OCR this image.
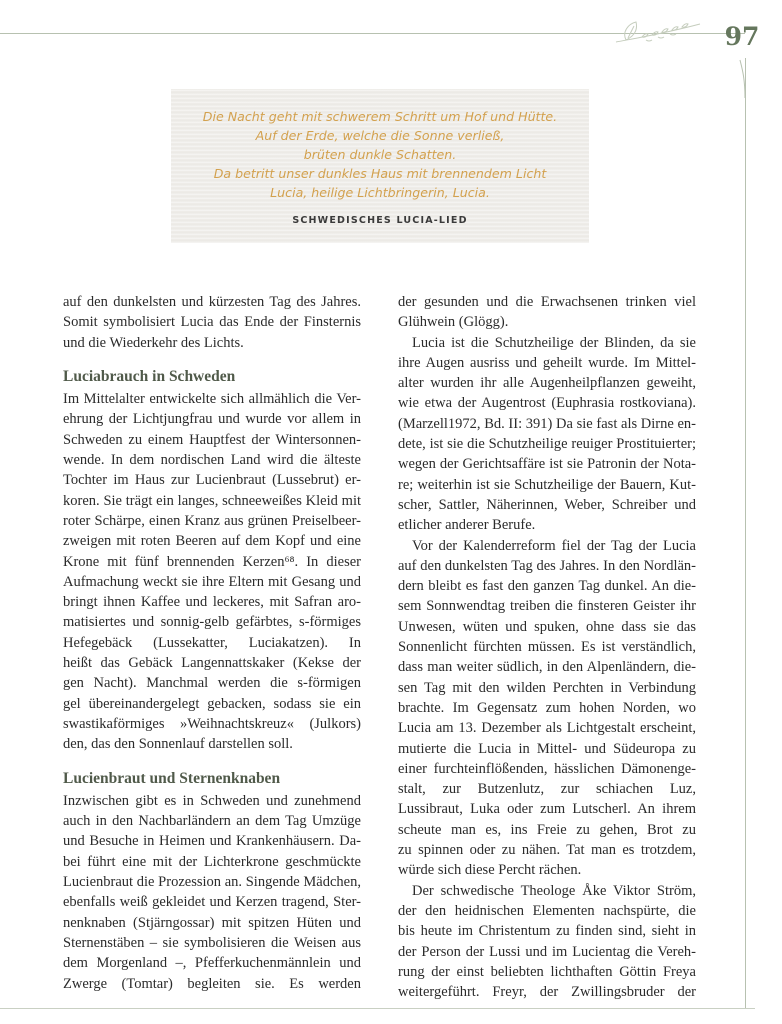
97
Die Nacht geht mit schwerem Schritt um Hof und Hütte.
Auf der Erde, welche die Sonne verließ,
brüten dunkle Schatten.
Da betritt unser dunkles Haus mit brennendem Licht
Lucia, heilige Lichtbringerin, Lucia.
SCHWEDISCHES LUCIA-LIED
auf den dunkelsten und kürzesten Tag des Jahres.
Somit symbolisiert Lucia das Ende der Finsternis
und die Wiederkehr des Lichts.
Luciabrauch in Schweden
Im Mittelalter entwickelte sich allmählich die Ver-
ehrung der Lichtjungfrau und wurde vor allem in
Schweden zu einem Hauptfest der Wintersonnen-
wende. In dem nordischen Land wird die älteste
Tochter im Haus zur Lucienbraut (Lussebrut) er-
koren. Sie trägt ein langes, schneeweißes Kleid mit
roter Schärpe, einen Kranz aus grünen Preiselbeer-
zweigen mit roten Beeren auf dem Kopf und eine
Krone mit fünf brennenden Kerzen⁶⁸. In dieser
Aufmachung weckt sie ihre Eltern mit Gesang und
bringt ihnen Kaffee und leckeres, mit Safran aro-
matisiertes und sonnig-gelb gefärbtes, s-förmiges
Hefegebäck (Lussekatter, Luciakatzen). In
heißt das Gebäck Langennattskaker (Kekse der
gen Nacht). Manchmal werden die s-förmigen
gel übereinandergelegt gebacken, sodass sie ein
swastikaförmiges »Weihnachtskreuz« (Julkors)
den, das den Sonnenlauf darstellen soll.
Lucienbraut und Sternenknaben
Inzwischen gibt es in Schweden und zunehmend
auch in den Nachbarländern an dem Tag Umzüge
und Besuche in Heimen und Krankenhäusern. Da-
bei führt eine mit der Lichterkrone geschmückte
Lucienbraut die Prozession an. Singende Mädchen,
ebenfalls weiß gekleidet und Kerzen tragend, Ster-
nenknaben (Stjärngossar) mit spitzen Hüten und
Sternenstäben – sie symbolisieren die Weisen aus
dem Morgenland –, Pfefferkuchenmännlein und
Zwerge (Tomtar) begleiten sie. Es werden
der gesunden und die Erwachsenen trinken viel
Glühwein (Glögg).
Lucia ist die Schutzheilige der Blinden, da sie
ihre Augen ausriss und geheilt wurde. Im Mittel-
alter wurden ihr alle Augenheilpflanzen geweiht,
wie etwa der Augentrost (Euphrasia rostkoviana).
(Marzell1972, Bd. II: 391) Da sie fast als Dirne en-
dete, ist sie die Schutzheilige reuiger Prostituierter;
wegen der Gerichtsaffäre ist sie Patronin der Nota-
re; weiterhin ist sie Schutzheilige der Bauern, Kut-
scher, Sattler, Näherinnen, Weber, Schreiber und
etlicher anderer Berufe.
Vor der Kalenderreform fiel der Tag der Lucia
auf den dunkelsten Tag des Jahres. In den Nordlän-
dern bleibt es fast den ganzen Tag dunkel. An die-
sem Sonnwendtag treiben die finsteren Geister ihr
Unwesen, wüten und spuken, ohne dass sie das
Sonnenlicht fürchten müssen. Es ist verständlich,
dass man weiter südlich, in den Alpenländern, die-
sen Tag mit den wilden Perchten in Verbindung
brachte. Im Gegensatz zum hohen Norden, wo
Lucia am 13. Dezember als Lichtgestalt erscheint,
mutierte die Lucia in Mittel- und Südeuropa zu
einer furchteinflößenden, hässlichen Dämonenge-
stalt, zur Butzenlutz, zur schiachen Luz,
Lussibraut, Luka oder zum Lutscherl. An ihrem
scheute man es, ins Freie zu gehen, Brot zu
zu spinnen oder zu nähen. Tat man es trotzdem,
würde sich diese Percht rächen.
Der schwedische Theologe Åke Viktor Ström,
der den heidnischen Elementen nachspürte, die
bis heute im Christentum zu finden sind, sieht in
der Person der Lussi und im Lucientag die Vereh-
rung der einst beliebten lichthaften Göttin Freya
weitergeführt. Freyr, der Zwillingsbruder der
